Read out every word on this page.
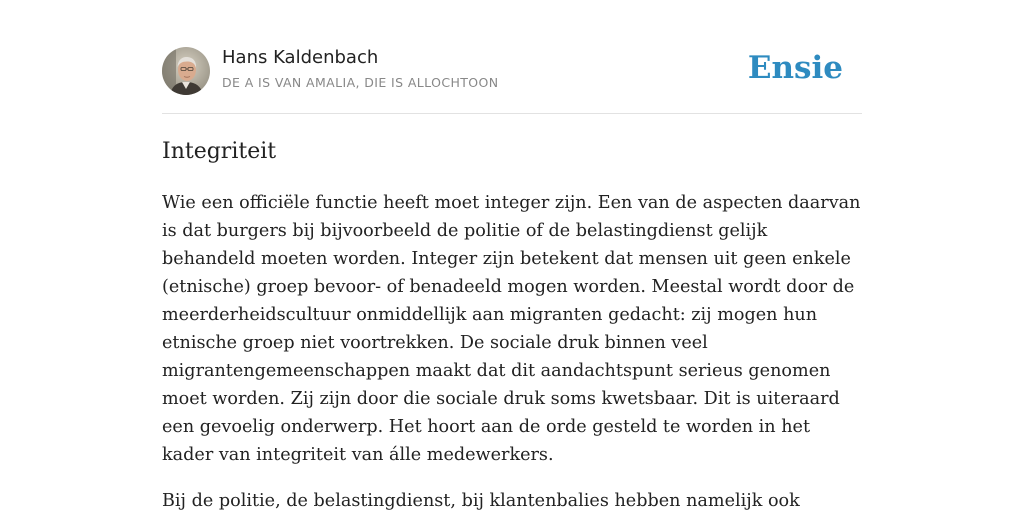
Hans Kaldenbach
DE A IS VAN AMALIA, DIE IS ALLOCHTOON	Ensie
Integriteit

Wie een officiële functie heeft moet integer zijn. Een van de aspecten daarvan is dat burgers bij bijvoorbeeld de politie of de belastingdienst gelijk behandeld moeten worden. Integer zijn betekent dat mensen uit geen enkele (etnische) groep bevoor- of benadeeld mogen worden. Meestal wordt door de meerderheidscultuur onmiddellijk aan migranten gedacht: zij mogen hun etnische groep niet voortrekken. De sociale druk binnen veel migrantengemeenschappen maakt dat dit aandachtspunt serieus genomen moet worden. Zij zijn door die sociale druk soms kwetsbaar. Dit is uiteraard een gevoelig onderwerp. Het hoort aan de orde gesteld te worden in het kader van integriteit van álle medewerkers.

Bij de politie, de belastingdienst, bij klantenbalies hebben namelijk ook
